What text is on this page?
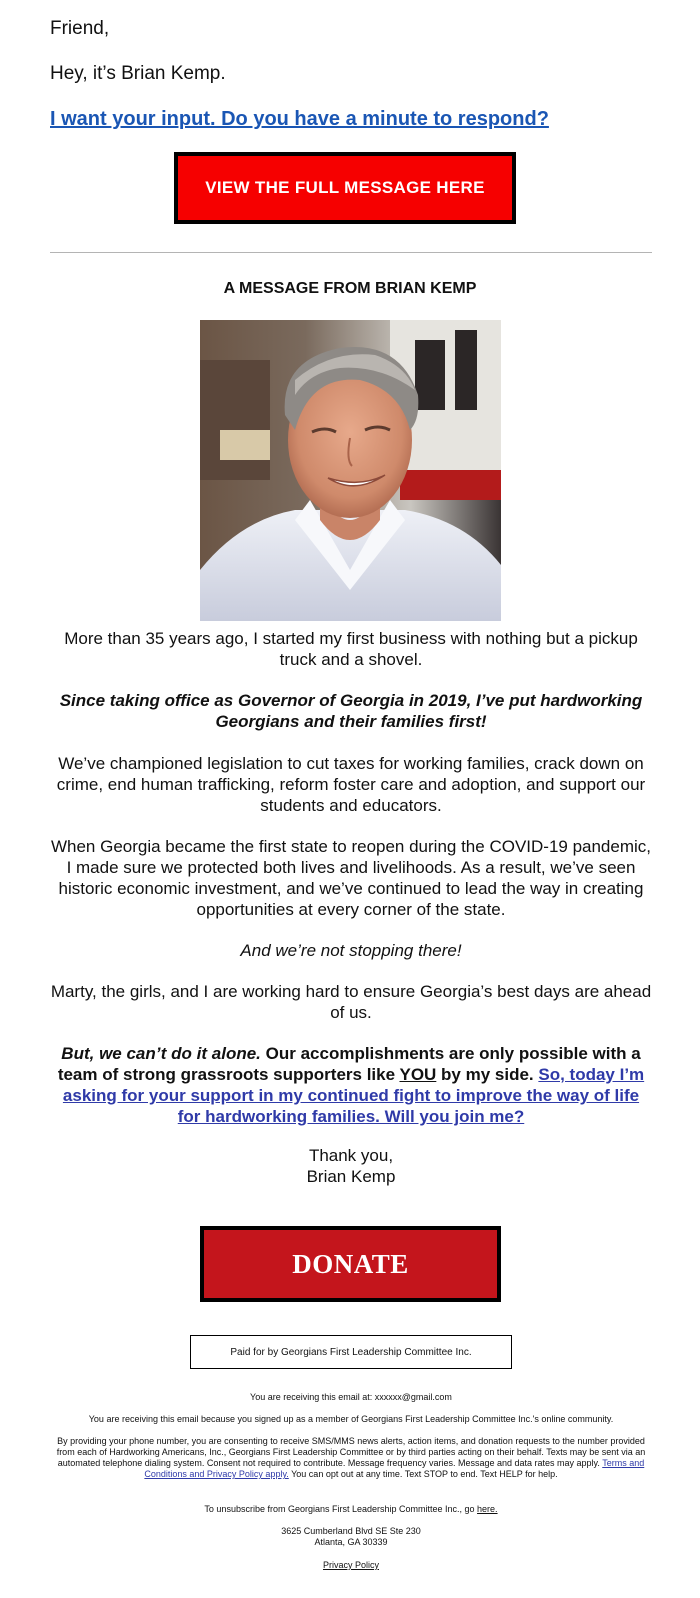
Friend,

Hey, it’s Brian Kemp.

I want your input. Do you have a minute to respond?
VIEW THE FULL MESSAGE HERE
A MESSAGE FROM BRIAN KEMP

More than 35 years ago, I started my first business with nothing but a pickup truck and a shovel.

Since taking office as Governor of Georgia in 2019, I’ve put hardworking Georgians and their families first!

We’ve championed legislation to cut taxes for working families, crack down on crime, end human trafficking, reform foster care and adoption, and support our students and educators.

When Georgia became the first state to reopen during the COVID-19 pandemic, I made sure we protected both lives and livelihoods. As a result, we’ve seen historic economic investment, and we’ve continued to lead the way in creating opportunities at every corner of the state.

And we’re not stopping there!

Marty, the girls, and I are working hard to ensure Georgia’s best days are ahead of us.

But, we can’t do it alone. Our accomplishments are only possible with a team of strong grassroots supporters like YOU by my side. So, today I’m asking for your support in my continued fight to improve the way of life for hardworking families. Will you join me?

Thank you,

Brian Kemp

DONATE
Paid for by Georgians First Leadership Committee Inc.

You are receiving this email at: xxxxxx@gmail.com

You are receiving this email because you signed up as a member of Georgians First Leadership Committee Inc.'s online community.

By providing your phone number, you are consenting to receive SMS/MMS news alerts, action items, and donation requests to the number provided from each of Hardworking Americans, Inc., Georgians First Leadership Committee or by third parties acting on their behalf. Texts may be sent via an automated telephone dialing system. Consent not required to contribute. Message frequency varies. Message and data rates may apply. Terms and Conditions and Privacy Policy apply. You can opt out at any time. Text STOP to end. Text HELP for help.

To unsubscribe from Georgians First Leadership Committee Inc., go here.

3625 Cumberland Blvd SE Ste 230

Atlanta, GA 30339

Privacy Policy
